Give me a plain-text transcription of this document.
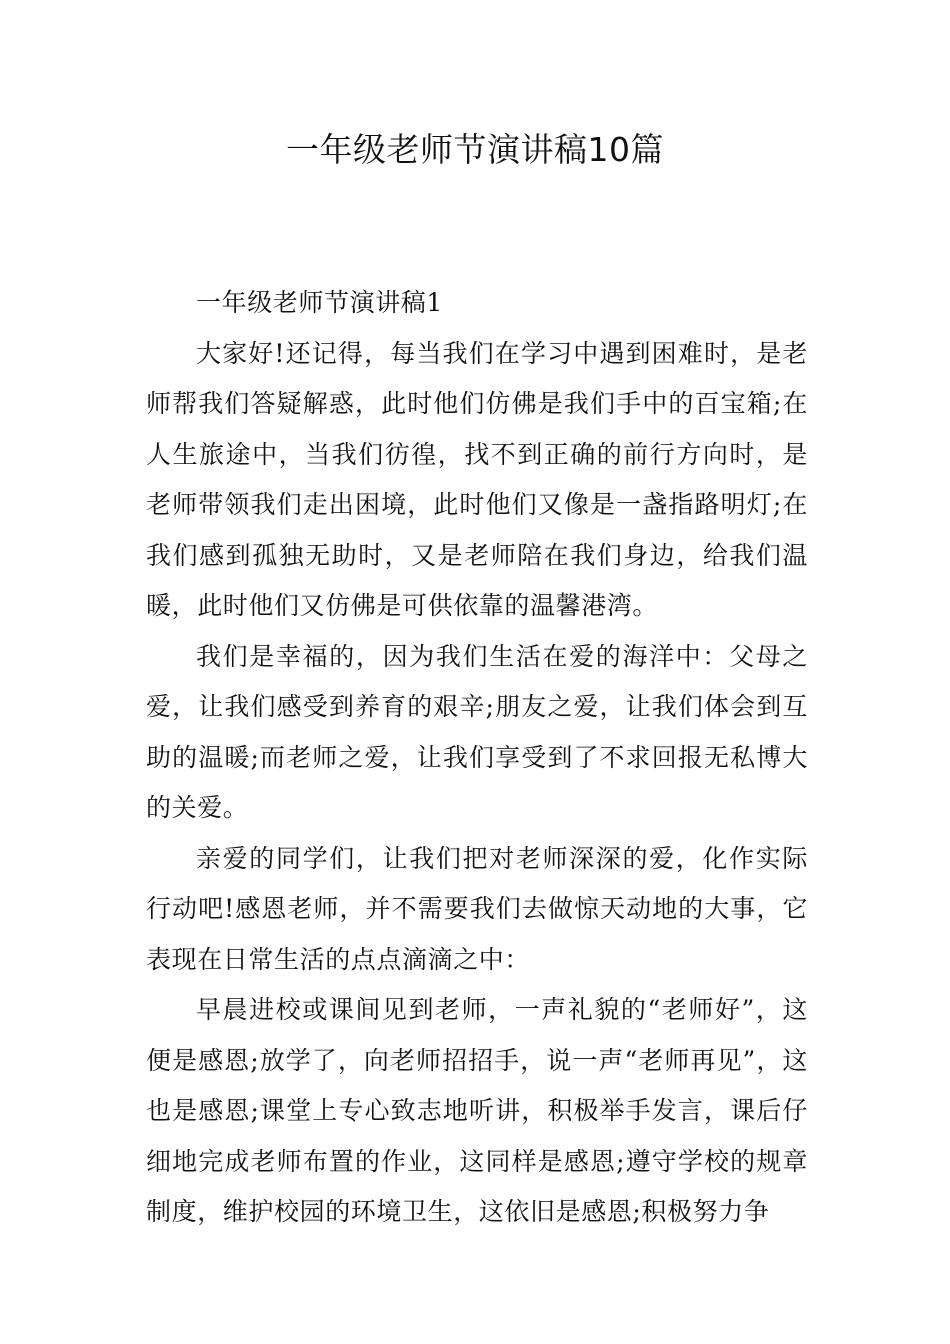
一年级老师节演讲稿10篇

一年级老师节演讲稿1

大家好!还记得，每当我们在学习中遇到困难时，是老师帮我们答疑解惑，此时他们仿佛是我们手中的百宝箱;在人生旅途中，当我们彷徨，找不到正确的前行方向时，是老师带领我们走出困境，此时他们又像是一盏指路明灯;在我们感到孤独无助时，又是老师陪在我们身边，给我们温暖，此时他们又仿佛是可供依靠的温馨港湾。

我们是幸福的，因为我们生活在爱的海洋中：父母之爱，让我们感受到养育的艰辛;朋友之爱，让我们体会到互助的温暖;而老师之爱，让我们享受到了不求回报无私博大的关爱。

亲爱的同学们，让我们把对老师深深的爱，化作实际行动吧!感恩老师，并不需要我们去做惊天动地的大事，它表现在日常生活的点点滴滴之中：

早晨进校或课间见到老师，一声礼貌的“老师好”，这便是感恩;放学了，向老师招招手，说一声“老师再见”，这也是感恩;课堂上专心致志地听讲，积极举手发言，课后仔细地完成老师布置的作业，这同样是感恩;遵守学校的规章制度，维护校园的环境卫生，这依旧是感恩;积极努力争
